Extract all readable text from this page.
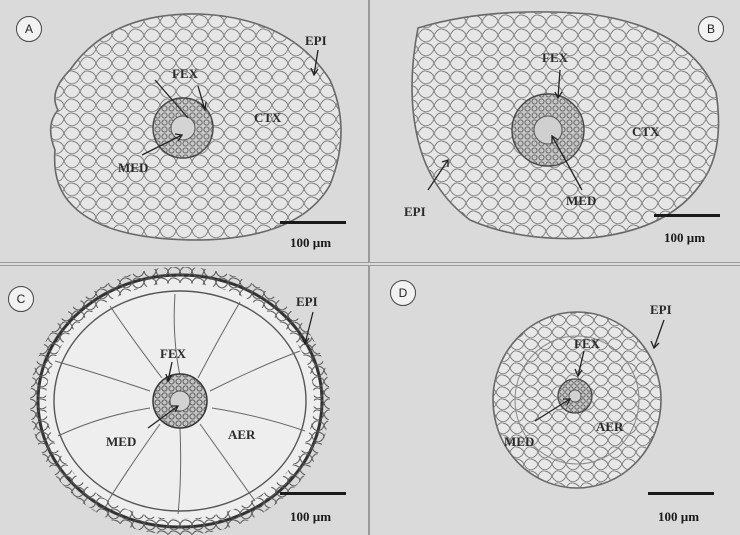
FEX
EPI
CTX
MED
A
100 µm
FEX
CTX
MED
EPI
B
100 µm
FEX
EPI
AER
MED
C
100 µm
FEX
EPI
AER
MED
D
100 µm
